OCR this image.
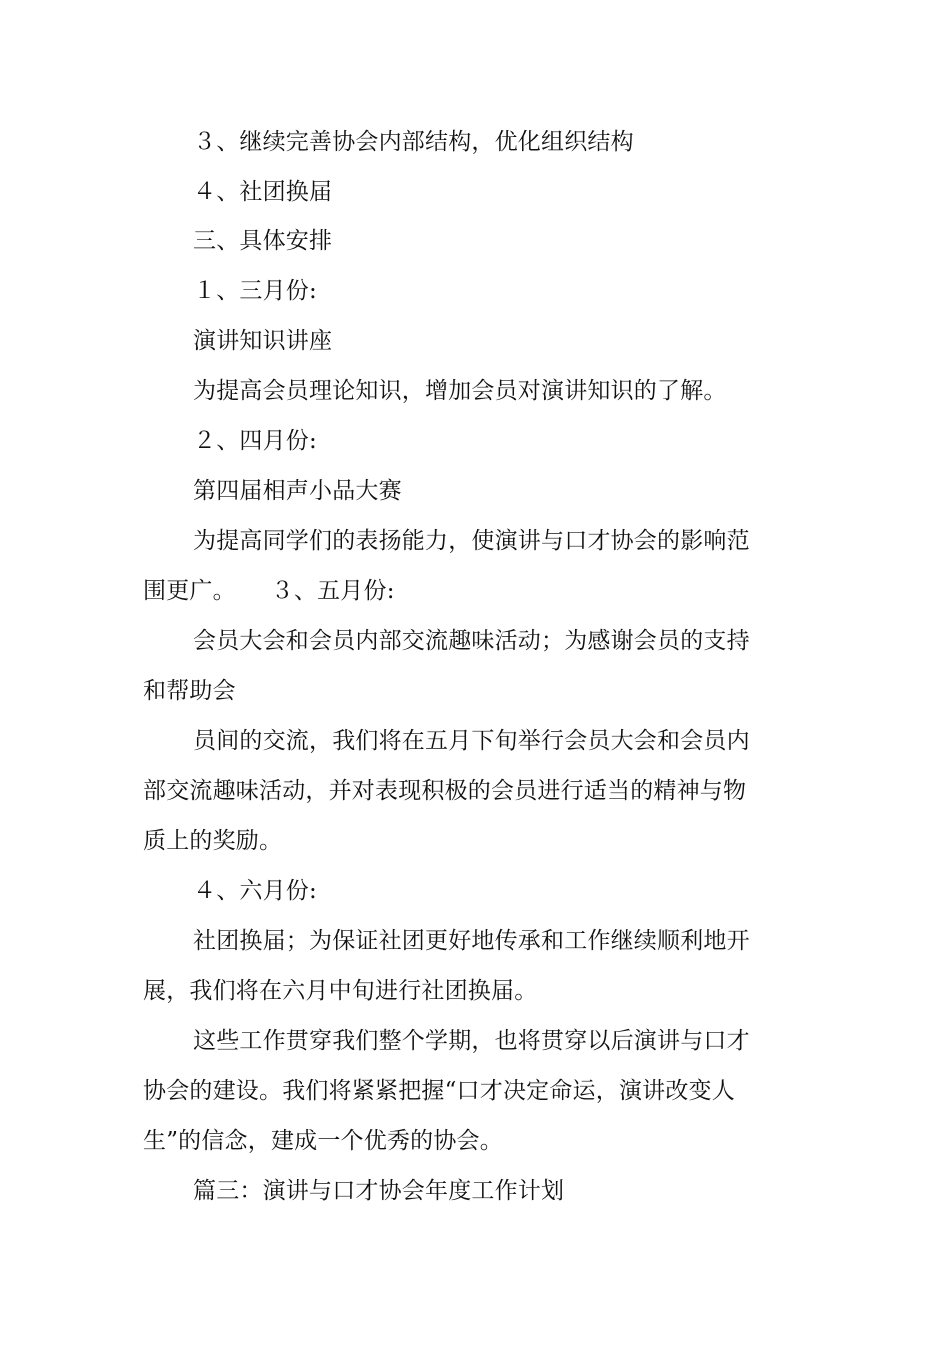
３、继续完善协会内部结构，优化组织结构
４、社团换届
三、具体安排
１、三月份:
演讲知识讲座
为提高会员理论知识，增加会员对演讲知识的了解。
２、四月份:
第四届相声小品大赛
为提高同学们的表扬能力，使演讲与口才协会的影响范
围更广。　　３、五月份:
会员大会和会员内部交流趣味活动；为感谢会员的支持
和帮助会
员间的交流，我们将在五月下旬举行会员大会和会员内
部交流趣味活动，并对表现积极的会员进行适当的精神与物
质上的奖励。
４、六月份:
社团换届；为保证社团更好地传承和工作继续顺利地开
展，我们将在六月中旬进行社团换届。
这些工作贯穿我们整个学期，也将贯穿以后演讲与口才
协会的建设。我们将紧紧把握“口才决定命运，演讲改变人
生”的信念，建成一个优秀的协会。
篇三：演讲与口才协会年度工作计划
